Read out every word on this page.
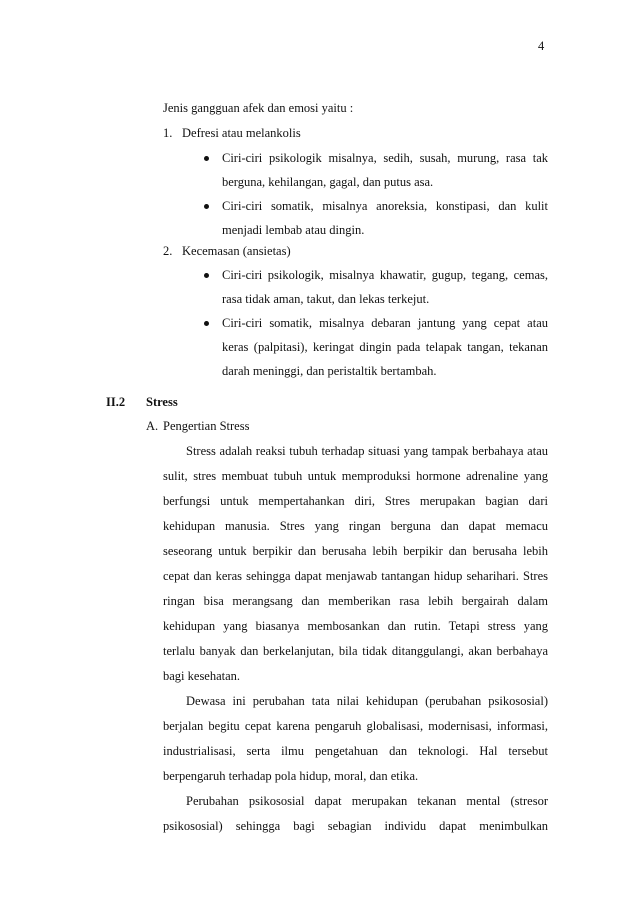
4
Jenis gangguan afek dan emosi yaitu :
1. Defresi atau melankolis
Ciri-ciri psikologik misalnya, sedih, susah, murung, rasa tak
berguna, kehilangan, gagal, dan putus asa.
Ciri-ciri somatik, misalnya anoreksia, konstipasi, dan kulit
menjadi lembab atau dingin.
2. Kecemasan (ansietas)
Ciri-ciri psikologik, misalnya khawatir, gugup, tegang, cemas,
rasa tidak aman, takut, dan lekas terkejut.
Ciri-ciri somatik, misalnya debaran jantung yang cepat atau
keras (palpitasi), keringat dingin pada telapak tangan, tekanan
darah meninggi, dan peristaltik bertambah.
II.2 Stress
A. Pengertian Stress
Stress adalah reaksi tubuh terhadap situasi yang tampak berbahaya atau
sulit, stres membuat tubuh untuk memproduksi hormone adrenaline yang
berfungsi untuk mempertahankan diri, Stres merupakan bagian dari
kehidupan manusia. Stres yang ringan berguna dan dapat memacu
seseorang untuk berpikir dan berusaha lebih berpikir dan berusaha lebih
cepat dan keras sehingga dapat menjawab tantangan hidup seharihari. Stres
ringan bisa merangsang dan memberikan rasa lebih bergairah dalam
kehidupan yang biasanya membosankan dan rutin. Tetapi stress yang
terlalu banyak dan berkelanjutan, bila tidak ditanggulangi, akan berbahaya
bagi kesehatan.
Dewasa ini perubahan tata nilai kehidupan (perubahan psikososial)
berjalan begitu cepat karena pengaruh globalisasi, modernisasi, informasi,
industrialisasi, serta ilmu pengetahuan dan teknologi. Hal tersebut
berpengaruh terhadap pola hidup, moral, dan etika.
Perubahan psikososial dapat merupakan tekanan mental (stresor
psikososial) sehingga bagi sebagian individu dapat menimbulkan
